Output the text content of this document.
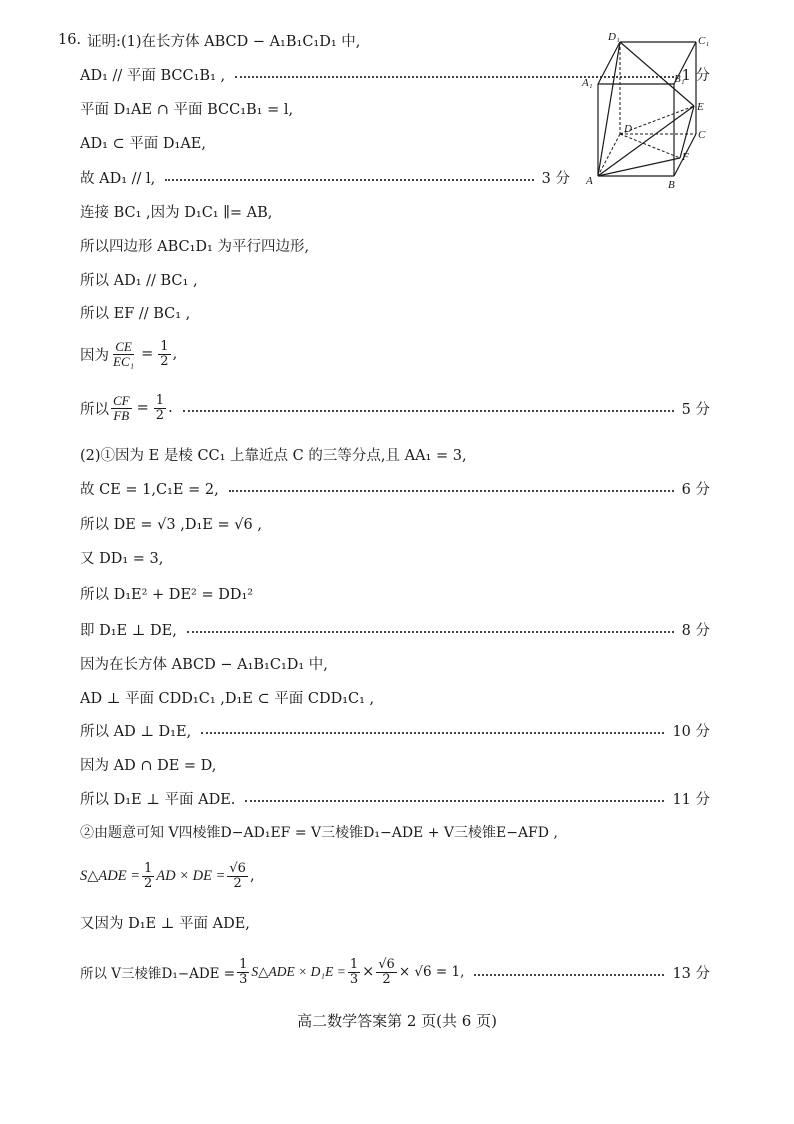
16. 证明:(1)在长方体 ABCD − A₁B₁C₁D₁ 中,
AD₁ // 平面 BCC₁B₁ ,	1 分
平面 D₁AE ∩ 平面 BCC₁B₁ = l,
AD₁ ⊂ 平面 D₁AE,
故 AD₁ // l,	3 分
连接 BC₁ ,因为 D₁C₁ ∥= AB,
所以四边形 ABC₁D₁ 为平行四边形,
所以 AD₁ // BC₁ ,
所以 EF // BC₁ ,
因为 $\frac{CE}{\text{EC₁}} = \frac{1}{2}$ ,
所以 $\frac{CF}{FB} = \frac{1}{2}$ .	5 分
(2)①因为 E 是棱 CC₁ 上靠近点 C 的三等分点,且 AA₁ = 3,
故 CE = 1,C₁E = 2,	6 分
所以 DE = √3 ,D₁E = √6 ,
又 DD₁ = 3,
所以 D₁E² + DE² = DD₁²
即 D₁E ⊥ DE,	8 分
因为在长方体 ABCD − A₁B₁C₁D₁ 中,
AD ⊥ 平面 CDD₁C₁ ,D₁E ⊂ 平面 CDD₁C₁ ,
所以 AD ⊥ D₁E,	10 分
因为 AD ∩ DE = D,
所以 D₁E ⊥ 平面 ADE.	11 分
②由题意可知 V四棱锥D−AD₁EF = V三棱锥D₁−ADE + V三棱锥E−AFD ,
S△ADE = $\frac{1}{2}$ AD × DE = $\frac{√6}{2}$ ,
又因为 D₁E ⊥ 平面 ADE,
所以 V三棱锥$D_1-ADE = \frac{1}{3}$ S△ADE × $D_1E = \frac{1}{3} \times \frac{√6}{2} \times √6 = 1$,	13 分
D₁	C₁
A₁	B₁
E
D	C
F
A	B
高二数学答案第 2 页(共 6 页)
